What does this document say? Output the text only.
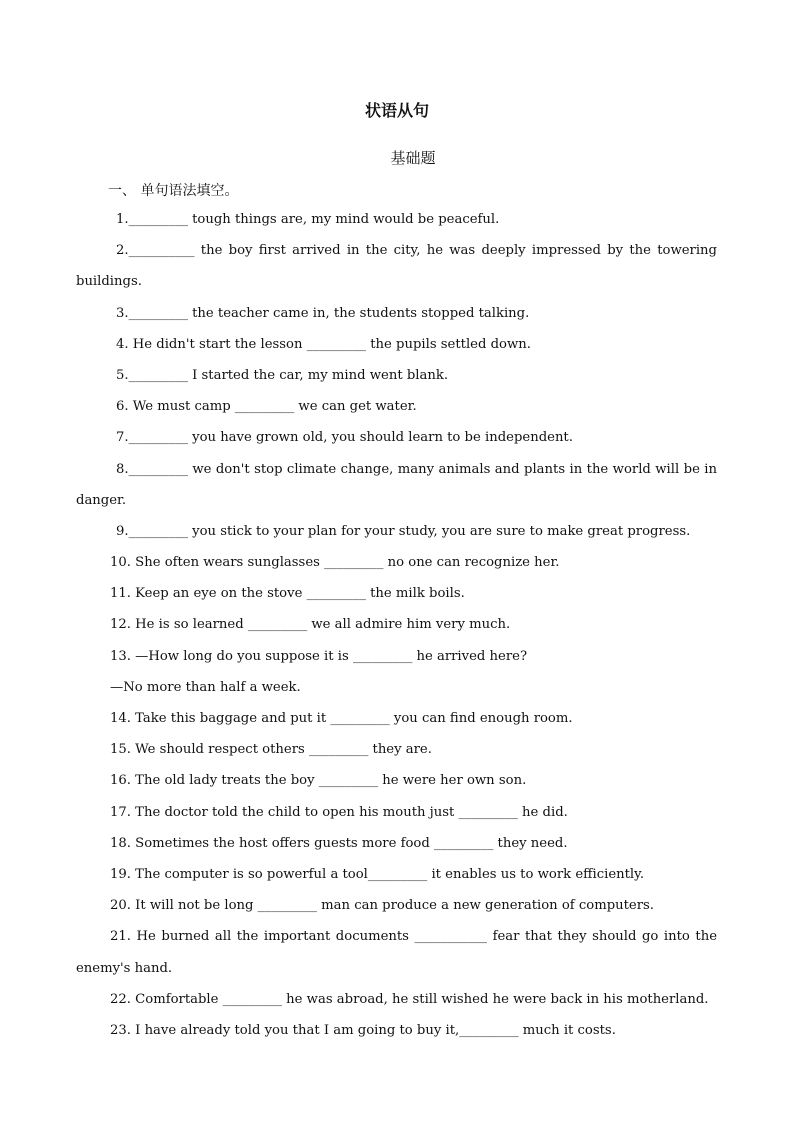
状语从句
基础题
一、 单句语法填空。
1._________ tough things are, my mind would be peaceful.
2.__________ the boy first arrived in the city, he was deeply impressed by the towering
buildings.
3._________ the teacher came in, the students stopped talking.
4. He didn't start the lesson _________ the pupils settled down.
5._________ I started the car, my mind went blank.
6. We must camp _________ we can get water.
7._________ you have grown old, you should learn to be independent.
8._________ we don't stop climate change, many animals and plants in the world will be in
danger.
9._________ you stick to your plan for your study, you are sure to make great progress.
10. She often wears sunglasses _________ no one can recognize her.
11. Keep an eye on the stove _________ the milk boils.
12. He is so learned _________ we all admire him very much.
13. —How long do you suppose it is _________ he arrived here?
—No more than half a week.
14. Take this baggage and put it _________ you can find enough room.
15. We should respect others _________ they are.
16. The old lady treats the boy _________ he were her own son.
17. The doctor told the child to open his mouth just _________ he did.
18. Sometimes the host offers guests more food _________ they need.
19. The computer is so powerful a tool_________ it enables us to work efficiently.
20. It will not be long _________ man can produce a new generation of computers.
21. He burned all the important documents ___________ fear that they should go into the
enemy's hand.
22. Comfortable _________ he was abroad, he still wished he were back in his motherland.
23. I have already told you that I am going to buy it,_________ much it costs.
